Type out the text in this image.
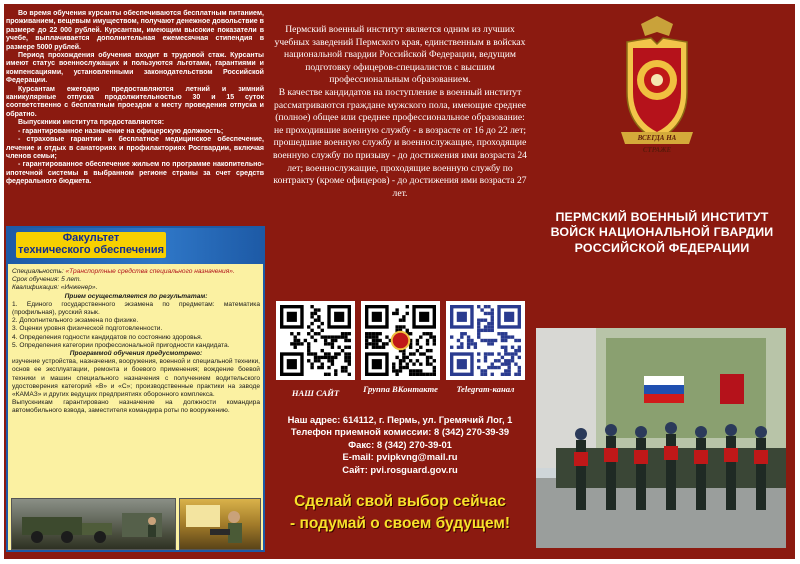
Во время обучения курсанты обеспечиваются бесплатным питанием, проживанием, вещевым имуществом, получают денежное довольствие в размере до 22 000 рублей. Курсантам, имеющим высокие показатели в учебе, выплачивается дополнительная ежемесячная стипендия в размере 5000 рублей.

Период прохождения обучения входит в трудовой стаж. Курсанты имеют статус военнослужащих и пользуются льготами, гарантиями и компенсациями, установленными законодательством Российской Федерации.

Курсантам ежегодно предоставляются летний и зимний каникулярные отпуска продолжительностью 30 и 15 суток соответственно с бесплатным проездом к месту проведения отпуска и обратно.

Выпускники института предоставляются:

- гарантированное назначение на офицерскую должность;

- страховые гарантии и бесплатное медицинское обеспечение, лечение и отдых в санаториях и профилакториях Росгвардии, включая членов семьи;

- гарантированное обеспечение жильем по программе накопительно-ипотечной системы в выбранном регионе страны за счет средств федерального бюджета.

Факультет
технического обеспечения

Специальность: «Транспортные средства специального назначения».

Срок обучения: 5 лет.

Квалификация: «Инженер».

Прием осуществляется по результатам:

1. Единого государственного экзамена по предметам: математика (профильная), русский язык.

2. Дополнительного экзамена по физике.

3. Оценки уровня физической подготовленности.

4. Определения годности кандидатов по состоянию здоровья.

5. Определения категории профессиональной пригодности кандидата.

Программой обучения предусмотрено:

изучение устройства, назначения, вооружения, военной и специальной техники, основ ее эксплуатации, ремонта и боевого применения; вождение боевой техники и машин специального назначения с получением водительского удостоверения категорий «В» и «С»; производственные практики на заводе «КАМАЗ» и других ведущих предприятиях оборонного комплекса.

Выпускникам гарантировано назначение на должности командира автомобильного взвода, заместителя командира роты по вооружению.

Пермский военный институт является одним из лучших учебных заведений Пермского края, единственным в войсках национальной гвардии Российской Федерации, ведущим подготовку офицеров-специалистов с высшим профессиональным образованием.

В качестве кандидатов на поступление в военный институт рассматриваются граждане мужского пола, имеющие среднее (полное) общее или среднее профессиональное образование: не проходившие военную службу - в возрасте от 16 до 22 лет; прошедшие военную службу и военнослужащие, проходящие военную службу по призыву - до достижения ими возраста 24 лет; военнослужащие, проходящие военную службу по контракту (кроме офицеров) - до достижения ими возраста 27 лет.

НАШ САЙТ	Группа ВКонтакте	Telegram-канал
Наш адрес: 614112, г. Пермь, ул. Гремячий Лог, 1
Телефон приемной комиссии: 8 (342) 270-39-39
Факс: 8 (342) 270-39-01
E-mail: pvipkvng@mail.ru
Сайт: pvi.rosguard.gov.ru
Сделай свой выбор сейчас
- подумай о своем будущем!
ВСЕГДА НА СТРАЖЕ
ПЕРМСКИЙ ВОЕННЫЙ ИНСТИТУТ
ВОЙСК НАЦИОНАЛЬНОЙ ГВАРДИИ
РОССИЙСКОЙ ФЕДЕРАЦИИ
